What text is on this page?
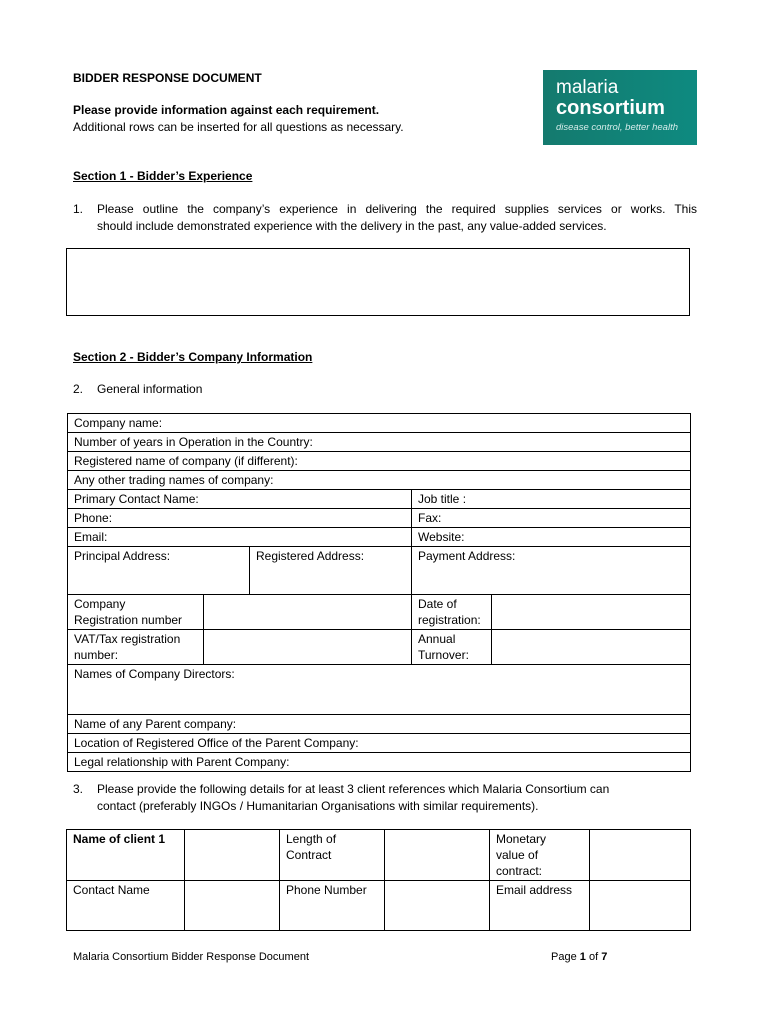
BIDDER RESPONSE DOCUMENT
Please provide information against each requirement.
Additional rows can be inserted for all questions as necessary.
malaria
consortium
disease control, better health
Section 1 - Bidder’s Experience
1. Please outline the company’s experience in delivering the required supplies services or works. This
should include demonstrated experience with the delivery in the past, any value-added services.
Section 2 - Bidder’s Company Information
2. General information
Company name:				
Number of years in Operation in the Country:				
Registered name of company (if different):				
Any other trading names of company:				
Primary Contact Name:			Job title :	
Phone:			Fax:	
Email:			Website:	
Principal Address:		Registered Address:	Payment Address:	
Company
Registration number			Date of
registration:	
VAT/Tax registration
number:			Annual
Turnover:	
Names of Company Directors:				
Name of any Parent company:				
Location of Registered Office of the Parent Company:				
Legal relationship with Parent Company:				
3. Please provide the following details for at least 3 client references which Malaria Consortium can
contact (preferably INGOs / Humanitarian Organisations with similar requirements).
Name of client 1		Length of
Contract		Monetary
value of
contract:	
Contact Name		Phone Number		Email address	
Malaria Consortium Bidder Response Document	Page 1 of 7
